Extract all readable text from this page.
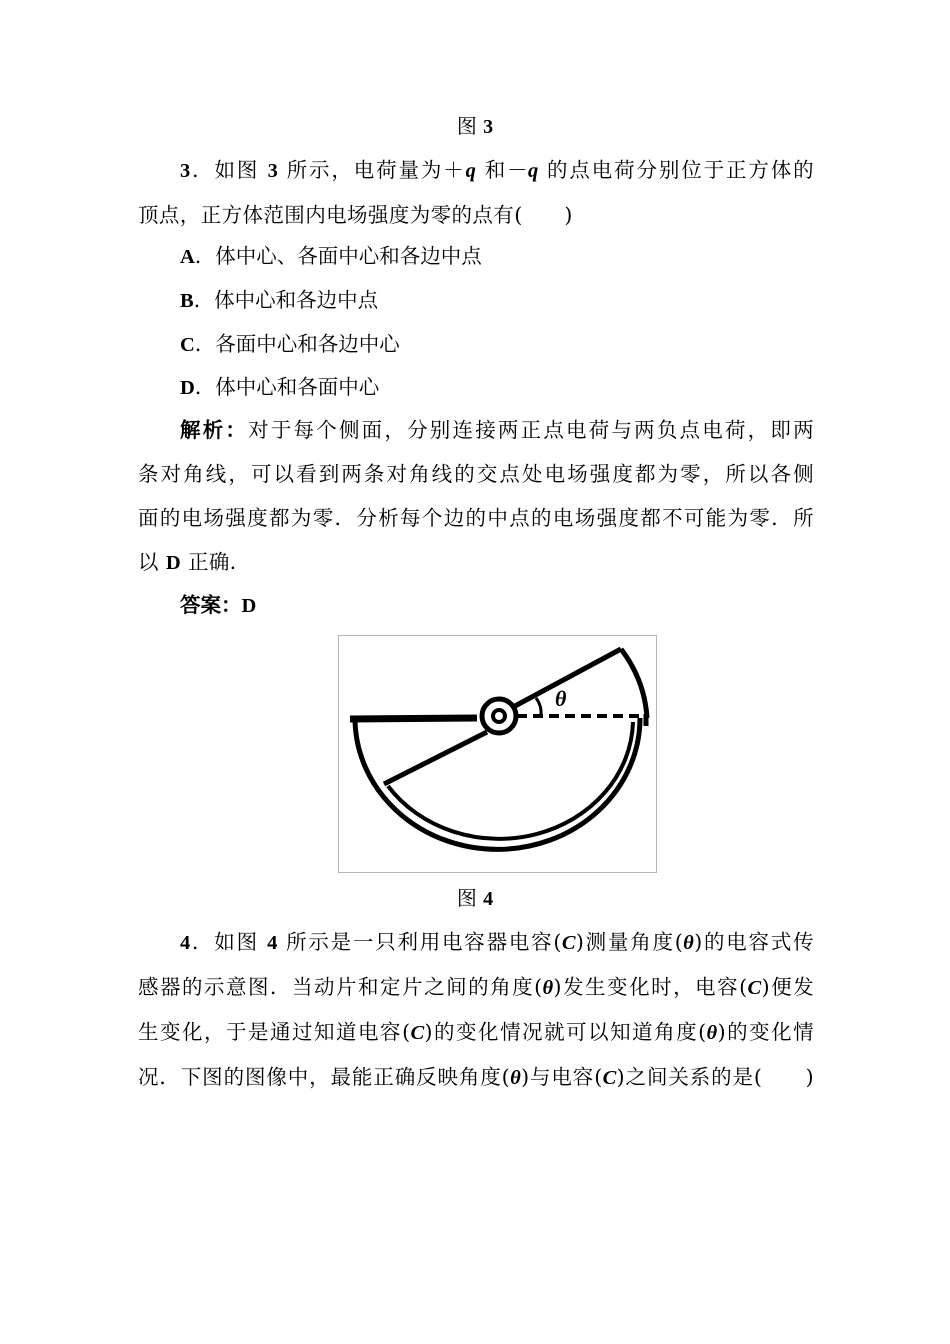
图 3
3．如图 3 所示，电荷量为＋q 和－q 的点电荷分别位于正方体的
顶点，正方体范围内电场强度为零的点有(　　)
A．体中心、各面中心和各边中点
B．体中心和各边中点
C．各面中心和各边中心
D．体中心和各面中心
解析：对于每个侧面，分别连接两正点电荷与两负点电荷，即两
条对角线，可以看到两条对角线的交点处电场强度都为零，所以各侧
面的电场强度都为零．分析每个边的中点的电场强度都不可能为零．所
以 D 正确．
答案：D
θ
图 4
4．如图 4 所示是一只利用电容器电容(C)测量角度(θ)的电容式传
感器的示意图．当动片和定片之间的角度(θ)发生变化时，电容(C)便发
生变化，于是通过知道电容(C)的变化情况就可以知道角度(θ)的变化情
况．下图的图像中，最能正确反映角度(θ)与电容(C)之间关系的是(　　)
